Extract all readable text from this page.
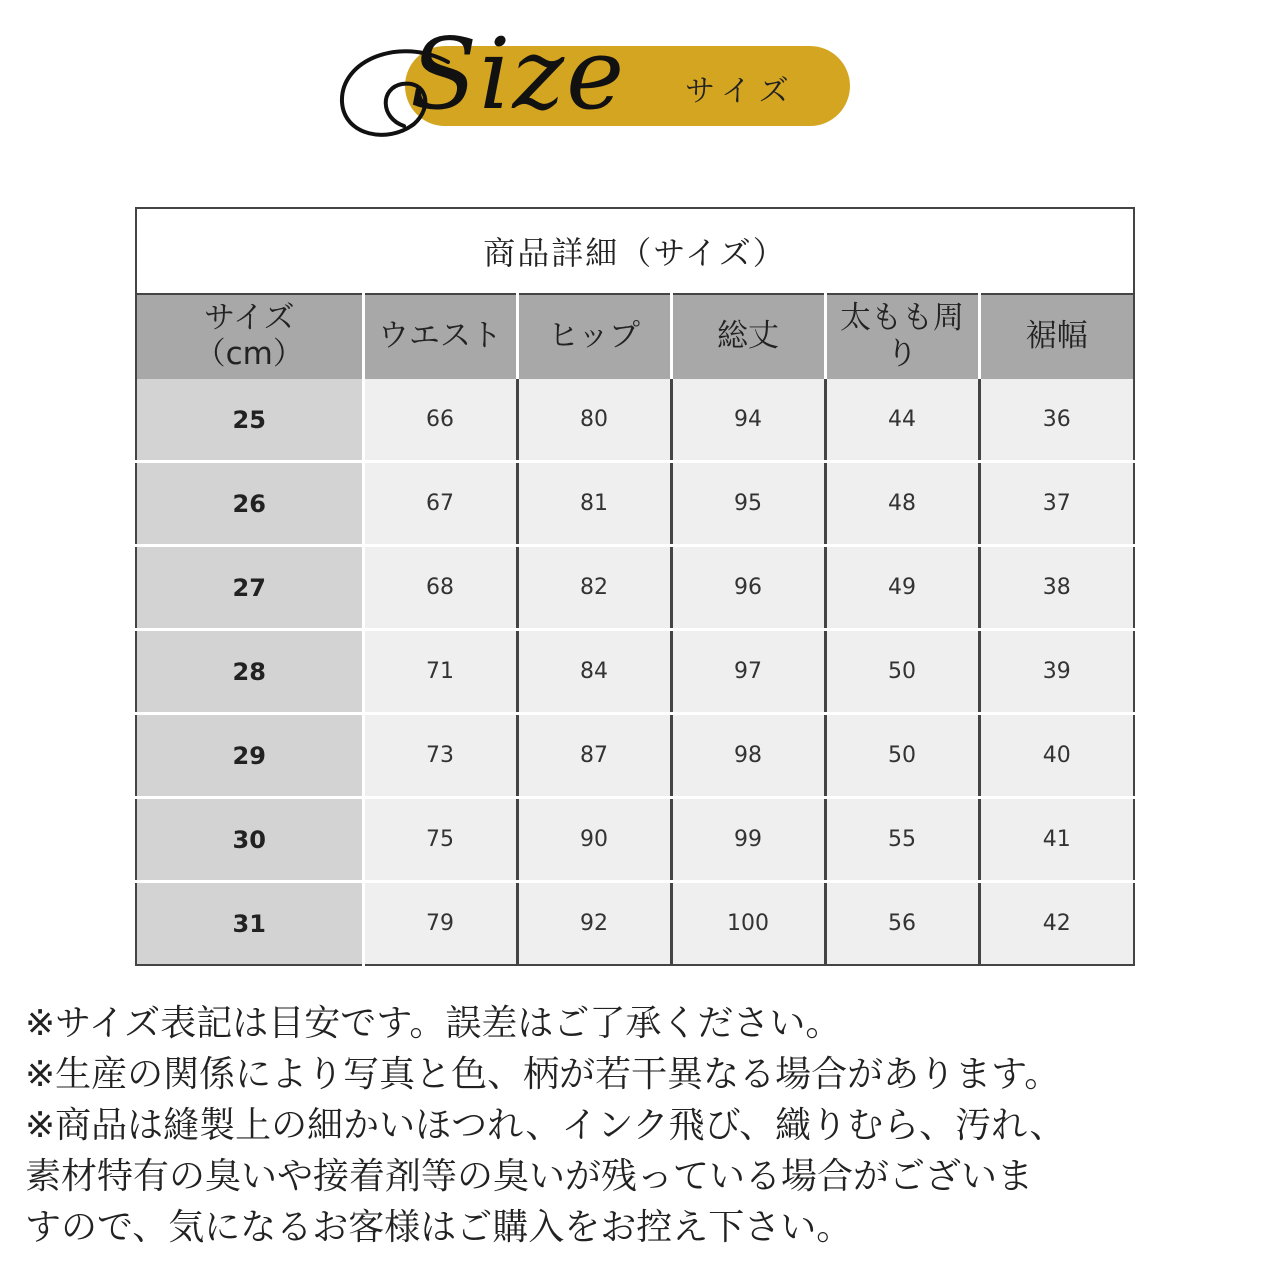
Size サイズ
商品詳細（サイズ）					
サイズ
（cm）	ウエスト	ヒップ	総丈	太もも周り	裾幅
25	66	80	94	44	36
26	67	81	95	48	37
27	68	82	96	49	38
28	71	84	97	50	39
29	73	87	98	50	40
30	75	90	99	55	41
31	79	92	100	56	42

※サイズ表記は目安です。誤差はご了承ください。

※生産の関係により写真と色、柄が若干異なる場合があります。

※商品は縫製上の細かいほつれ、インク飛び、織りむら、汚れ、

素材特有の臭いや接着剤等の臭いが残っている場合がございま

すので、気になるお客様はご購入をお控え下さい。
